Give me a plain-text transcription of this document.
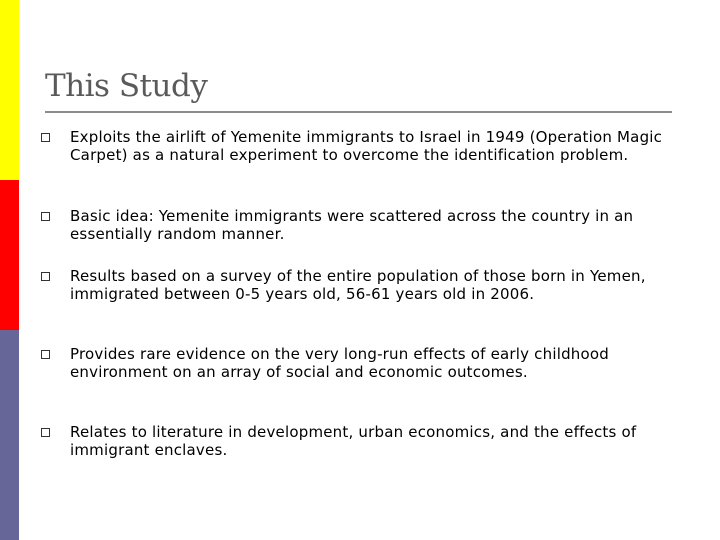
This Study
Exploits the airlift of Yemenite immigrants to Israel in 1949 (Operation Magic Carpet) as a natural experiment to overcome the identification problem.
Basic idea: Yemenite immigrants were scattered across the country in an essentially random manner.
Results based on a survey of the entire population of those born in Yemen, immigrated between 0-5 years old, 56-61 years old in 2006.
Provides rare evidence on the very long-run effects of early childhood environment on an array of social and economic outcomes.
Relates to literature in development, urban economics, and the effects of immigrant enclaves.
